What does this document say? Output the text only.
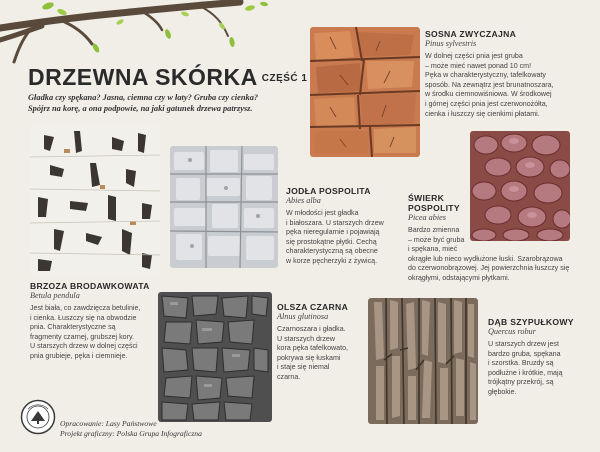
DRZEWNA SKÓRKA CZĘŚĆ 1
Gładka czy spękana? Jasna, ciemna czy w łaty? Gruba czy cienka?
Spójrz na korę, a ona podpowie, na jaki gatunek drzewa patrzysz.
SOSNA ZWYCZAJNA
Pinus sylvestris
W dolnej części pnia jest gruba
– może mieć nawet ponad 10 cm!
Pęka w charakterystyczny, tafelkowaty
sposób. Na zewnątrz jest brunatnoszara,
w środku ciemnowiśniowa. W środkowej
i górnej części pnia jest czerwonożółta,
cienka i łuszczy się cienkimi płatami.
JODŁA POSPOLITA
Abies alba
W młodości jest gładka
i białoszara. U starszych drzew
pęka nieregularnie i pojawiają
się prostokątne płytki. Cechą
charakterystyczną są obecne
w korze pęcherzyki z żywicą.
ŚWIERK
POSPOLITY
Picea abies
Bardzo zmienna
– może być gruba
i spękana, mieć
okrągłe lub nieco wydłużone łuski. Szarobrązowa
do czerwonobrązowej. Jej powierzchnia łuszczy się
okrągłymi, odstającymi płytkami.
BRZOZA BRODAWKOWATA
Betula pendula
Jest biała, co zawdzięcza betulinie,
i cienka. Łuszczy się na obwodzie
pnia. Charakterystyczne są
fragmenty czarnej, grubszej kory.
U starszych drzew w dolnej części
pnia grubieje, pęka i ciemnieje.
OLSZA CZARNA
Alnus glutinosa
Czarnoszara i gładka.
U starszych drzew
kora pęka tafelkowato,
pokrywa się łuskami
i staje się niemal
czarna.
DĄB SZYPUŁKOWY
Quercus robur
U starszych drzew jest
bardzo gruba, spękana
i szorstka. Bruzdy są
podłużne i krótkie, mają
trójkątny przekrój, są
głębokie.
Opracowanie: Lasy Państwowe
Projekt graficzny: Polska Grupa Infograficzna
